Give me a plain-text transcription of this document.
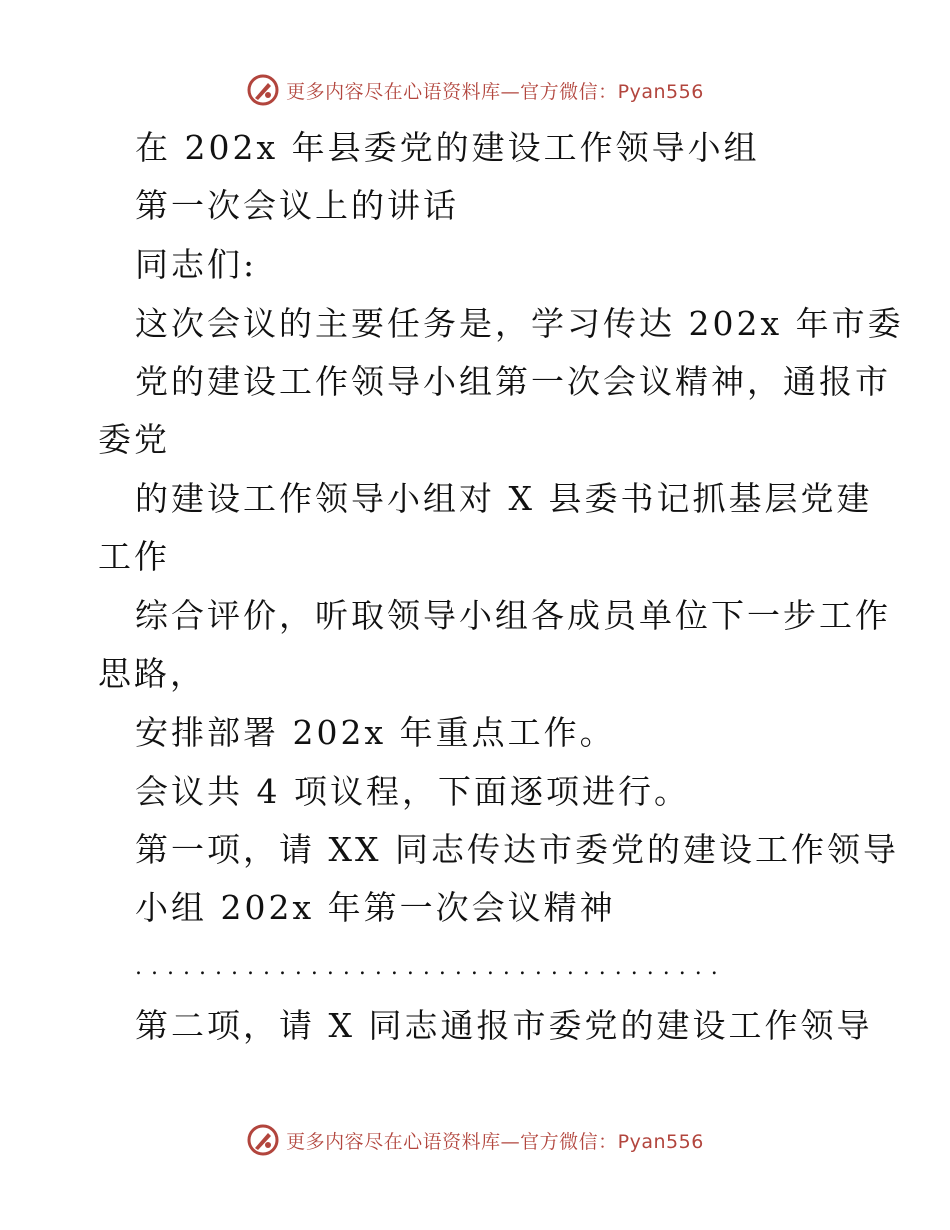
更多内容尽在心语资料库—官方微信：Pyan556
在 202x 年县委党的建设工作领导小组
第一次会议上的讲话
同志们:
这次会议的主要任务是，学习传达 202x 年市委
党的建设工作领导小组第一次会议精神，通报市
委党
的建设工作领导小组对 X 县委书记抓基层党建
工作
综合评价，听取领导小组各成员单位下一步工作
思路，
安排部署 202x 年重点工作。
会议共 4 项议程，下面逐项进行。
第一项，请 XX 同志传达市委党的建设工作领导
小组 202x 年第一次会议精神
.....................................
第二项，请 X 同志通报市委党的建设工作领导
更多内容尽在心语资料库—官方微信：Pyan556
